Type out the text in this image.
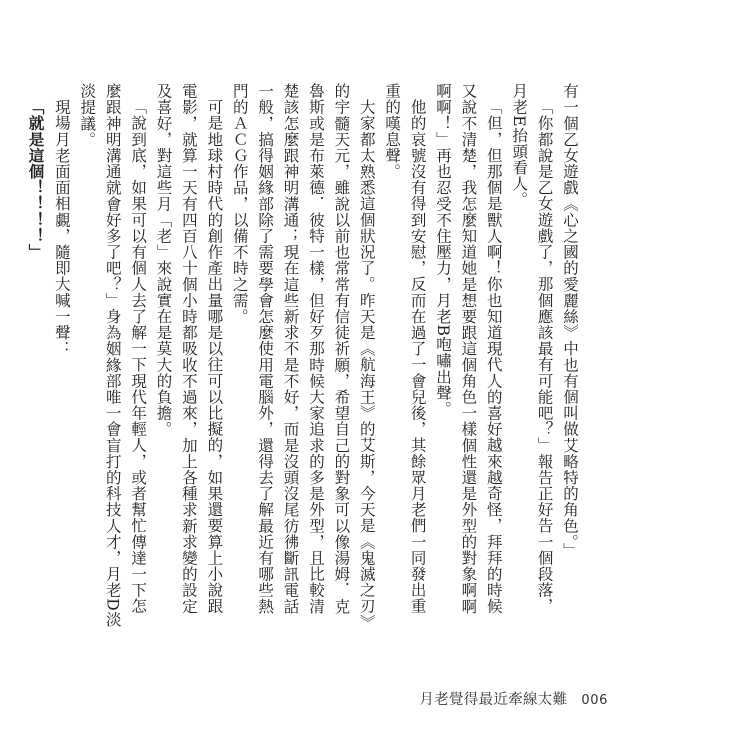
有一個乙女遊戲《心之國的愛麗絲》中也有個叫做艾略特的角色。」

「你都說是乙女遊戲了，那個應該最有可能吧？」報告正好告一個段落，月老E抬頭看人。

「但，但那個是獸人啊！你也知道現代人的喜好越來越奇怪，拜拜的時候又說不清楚，我怎麼知道她是想要跟這個角色一樣個性還是外型的對象啊啊啊啊！」再也忍受不住壓力，月老B咆嘯出聲。

他的哀號沒有得到安慰，反而在過了一會兒後，其餘眾月老們一同發出重重的嘆息聲。

大家都太熟悉這個狀況了。昨天是《航海王》的艾斯，今天是《鬼滅之刃》的宇髓天元，雖說以前也常常有信徒祈願，希望自己的對象可以像湯姆．克魯斯或是布萊德．彼特一樣，但好歹那時候大家追求的多是外型，且比較清楚該怎麼跟神明溝通；現在這些新求不是不好，而是沒頭沒尾彷彿斷訊電話一般，搞得姻緣部除了需要學會怎麼使用電腦外，還得去了解最近有哪些熱門的ＡＣＧ作品，以備不時之需。

可是地球村時代的創作產出量哪是以往可以比擬的，如果還要算上小說跟電影，就算一天有四百八十個小時都吸收不過來，加上各種求新求變的設定及喜好，對這些月「老」來說實在是莫大的負擔。

「說到底，如果可以有個人去了解一下現代年輕人，或者幫忙傳達一下怎麼跟神明溝通就會好多了吧？」身為姻緣部唯一會盲打的科技人才，月老D淡淡提議。

現場月老面面相覷，隨即大喊一聲：

「就是這個！！！！」

月老覺得最近牽線太難 006
